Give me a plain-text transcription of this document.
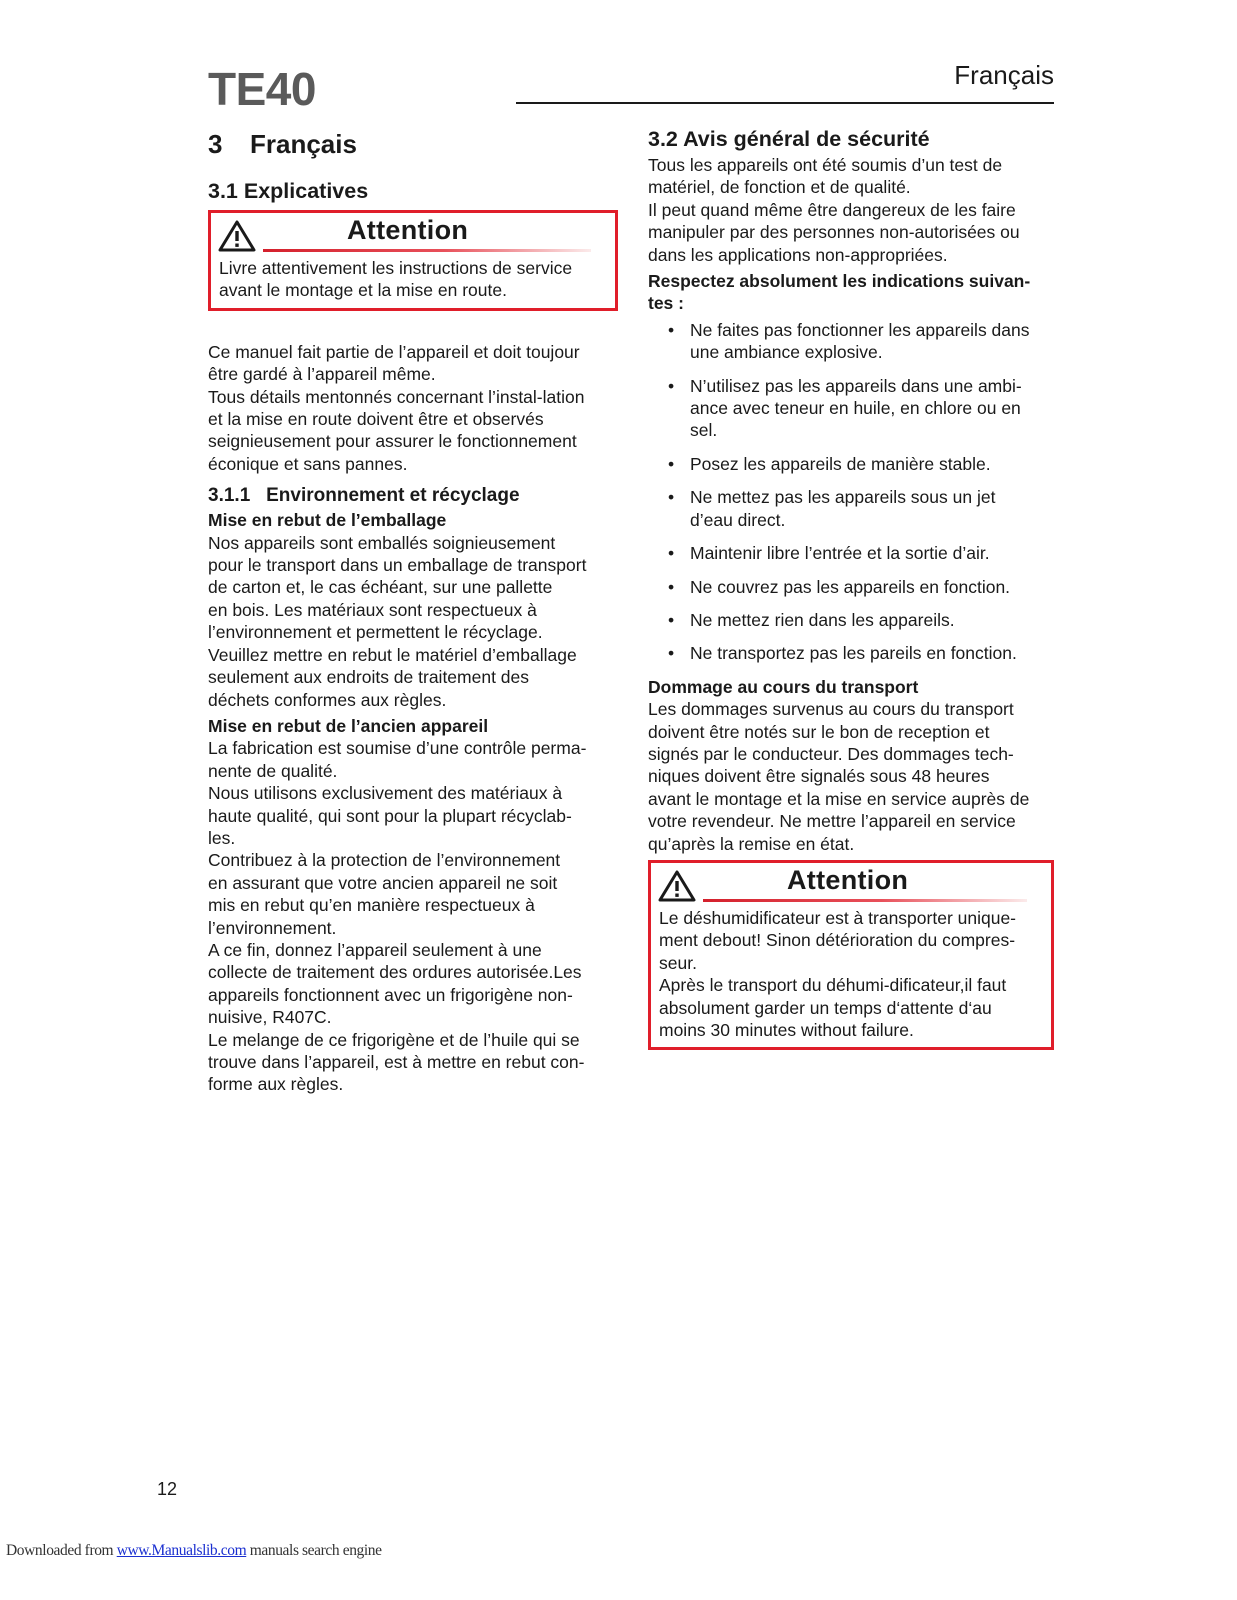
TE40	Français
3 Français
3.1 Explicatives
Attention

Livre attentivement les instructions de service

avant le montage et la mise en route.

Ce manuel fait partie de l’appareil et doit toujour

être gardé à l’appareil même.

Tous détails mentonnés concernant l’instal-lation

et la mise en route doivent être et observés

seignieusement pour assurer le fonctionnement

éconique et sans pannes.

3.1.1 Environnement et récyclage

Mise en rebut de l’emballage

Nos appareils sont emballés soignieusement

pour le transport dans un emballage de transport

de carton et, le cas échéant, sur une pallette

en bois. Les matériaux sont respectueux à

l’environnement et permettent le récyclage.

Veuillez mettre en rebut le matériel d’emballage

seulement aux endroits de traitement des

déchets conformes aux règles.

Mise en rebut de l’ancien appareil

La fabrication est soumise d’une contrôle perma-

nente de qualité.

Nous utilisons exclusivement des matériaux à

haute qualité, qui sont pour la plupart récyclab-

les.

Contribuez à la protection de l’environnement

en assurant que votre ancien appareil ne soit

mis en rebut qu’en manière respectueux à

l’environnement.

A ce fin, donnez l’appareil seulement à une

collecte de traitement des ordures autorisée.Les

appareils fonctionnent avec un frigorigène non-

nuisive, R407C.

Le melange de ce frigorigène et de l’huile qui se

trouve dans l’appareil, est à mettre en rebut con-

forme aux règles.

3.2 Avis général de sécurité

Tous les appareils ont été soumis d’un test de

matériel, de fonction et de qualité.

Il peut quand même être dangereux de les faire

manipuler par des personnes non-autorisées ou

dans les applications non-appropriées.

Respectez absolument les indications suivan-

tes :

• Ne faites pas fonctionner les appareils dans
une ambiance explosive.
• N’utilisez pas les appareils dans une ambi-
ance avec teneur en huile, en chlore ou en
sel.
• Posez les appareils de manière stable.
• Ne mettez pas les appareils sous un jet
d’eau direct.
• Maintenir libre l’entrée et la sortie d’air.
• Ne couvrez pas les appareils en fonction.
• Ne mettez rien dans les appareils.
• Ne transportez pas les pareils en fonction.

Dommage au cours du transport

Les dommages survenus au cours du transport

doivent être notés sur le bon de reception et

signés par le conducteur. Des dommages tech-

niques doivent être signalés sous 48 heures

avant le montage et la mise en service auprès de

votre revendeur. Ne mettre l’appareil en service

qu’après la remise en état.

Attention

Le déshumidificateur est à transporter unique-

ment debout! Sinon détérioration du compres-

seur.

Après le transport du déhumi-dificateur,il faut

absolument garder un temps d‘attente d‘au

moins 30 minutes without failure.

12
Downloaded from www.Manualslib.com manuals search engine
